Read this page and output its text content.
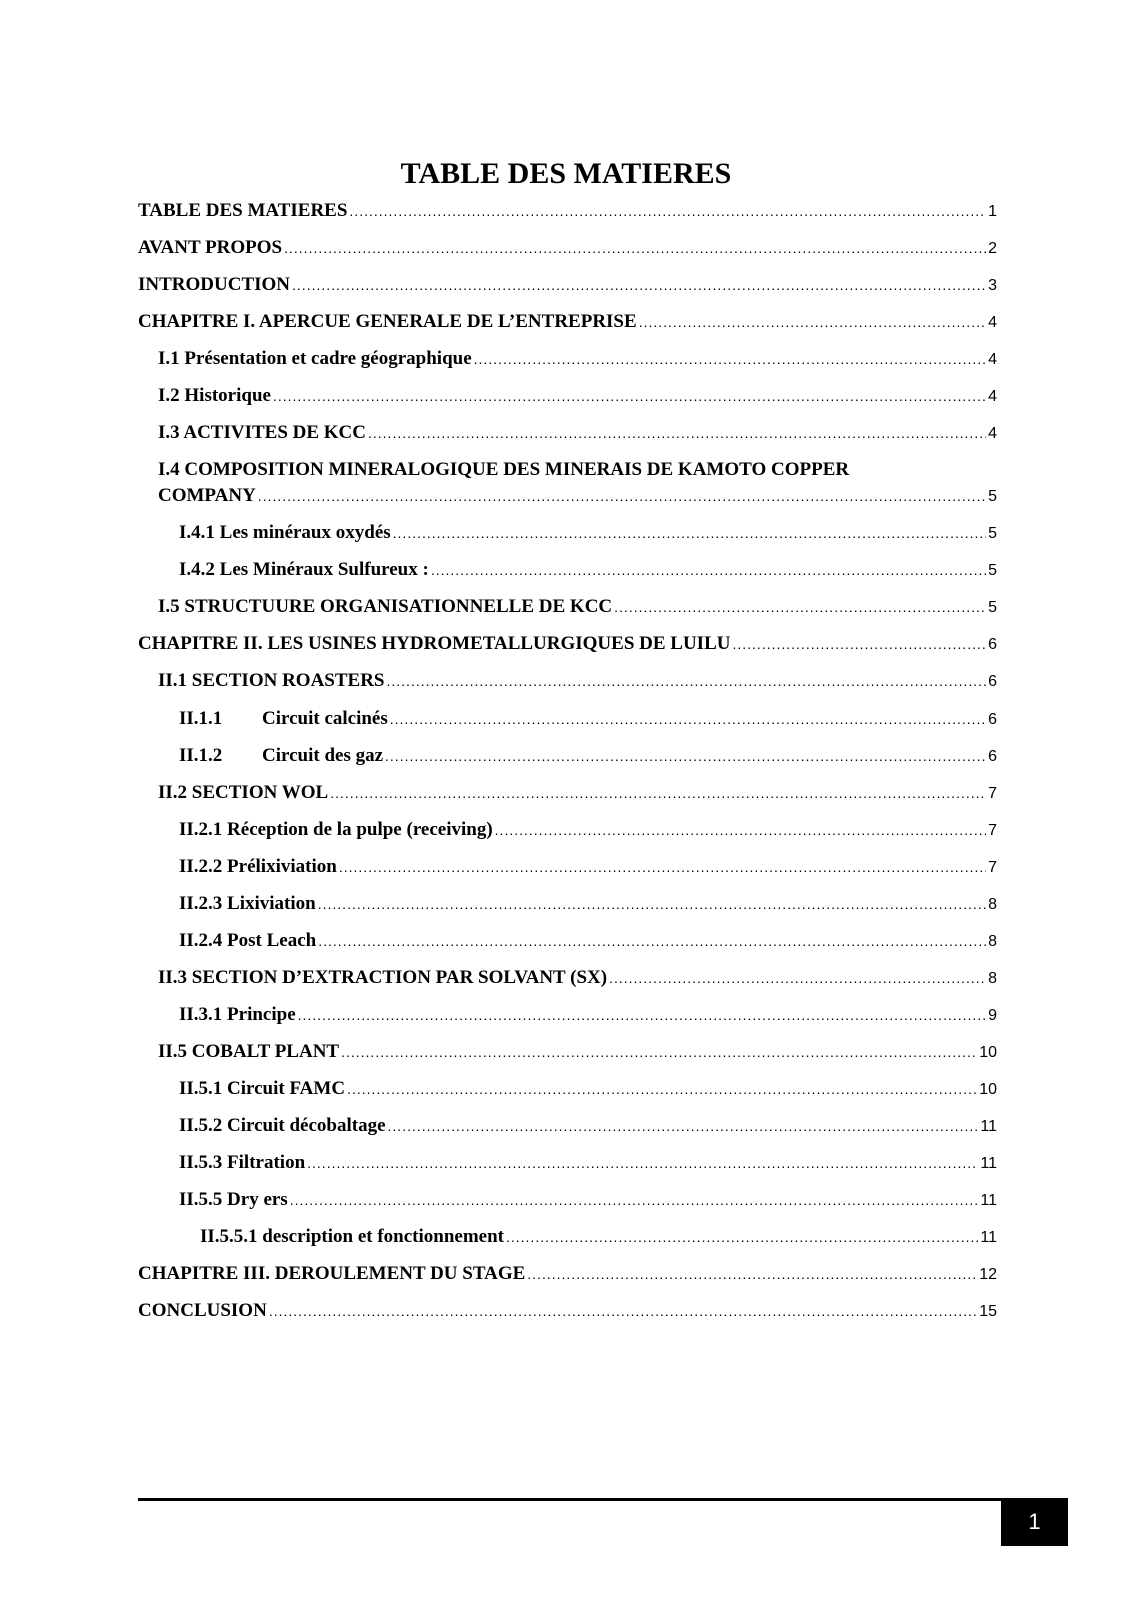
TABLE DES MATIERES
TABLE DES MATIERES .....	1
AVANT PROPOS .....	2
INTRODUCTION .....	3
CHAPITRE I. APERCUE GENERALE DE L’ENTREPRISE .....	4
I.1 Présentation et cadre géographique .....	4
I.2 Historique .....	4
I.3 ACTIVITES DE KCC .....	4
I.4 COMPOSITION MINERALOGIQUE DES MINERAIS DE KAMOTO COPPER
COMPANY .....	5
I.4.1 Les minéraux oxydés .....	5
I.4.2 Les Minéraux Sulfureux : .....	5
I.5 STRUCTUURE ORGANISATIONNELLE DE KCC .....	5
CHAPITRE II. LES USINES HYDROMETALLURGIQUES DE LUILU .....	6
II.1 SECTION ROASTERS .....	6
II.1.1 Circuit calcinés .....	6
II.1.2 Circuit des gaz .....	6
II.2 SECTION WOL .....	7
II.2.1 Réception de la pulpe (receiving) .....	7
II.2.2 Prélixiviation .....	7
II.2.3 Lixiviation .....	8
II.2.4 Post Leach .....	8
II.3 SECTION D’EXTRACTION PAR SOLVANT (SX) .....	8
II.3.1 Principe .....	9
II.5 COBALT PLANT .....	10
II.5.1 Circuit FAMC .....	10
II.5.2 Circuit décobaltage .....	11
II.5.3 Filtration .....	11
II.5.5 Dry ers .....	11
II.5.5.1 description et fonctionnement .....	11
CHAPITRE III. DEROULEMENT DU STAGE .....	12
CONCLUSION .....	15
1
